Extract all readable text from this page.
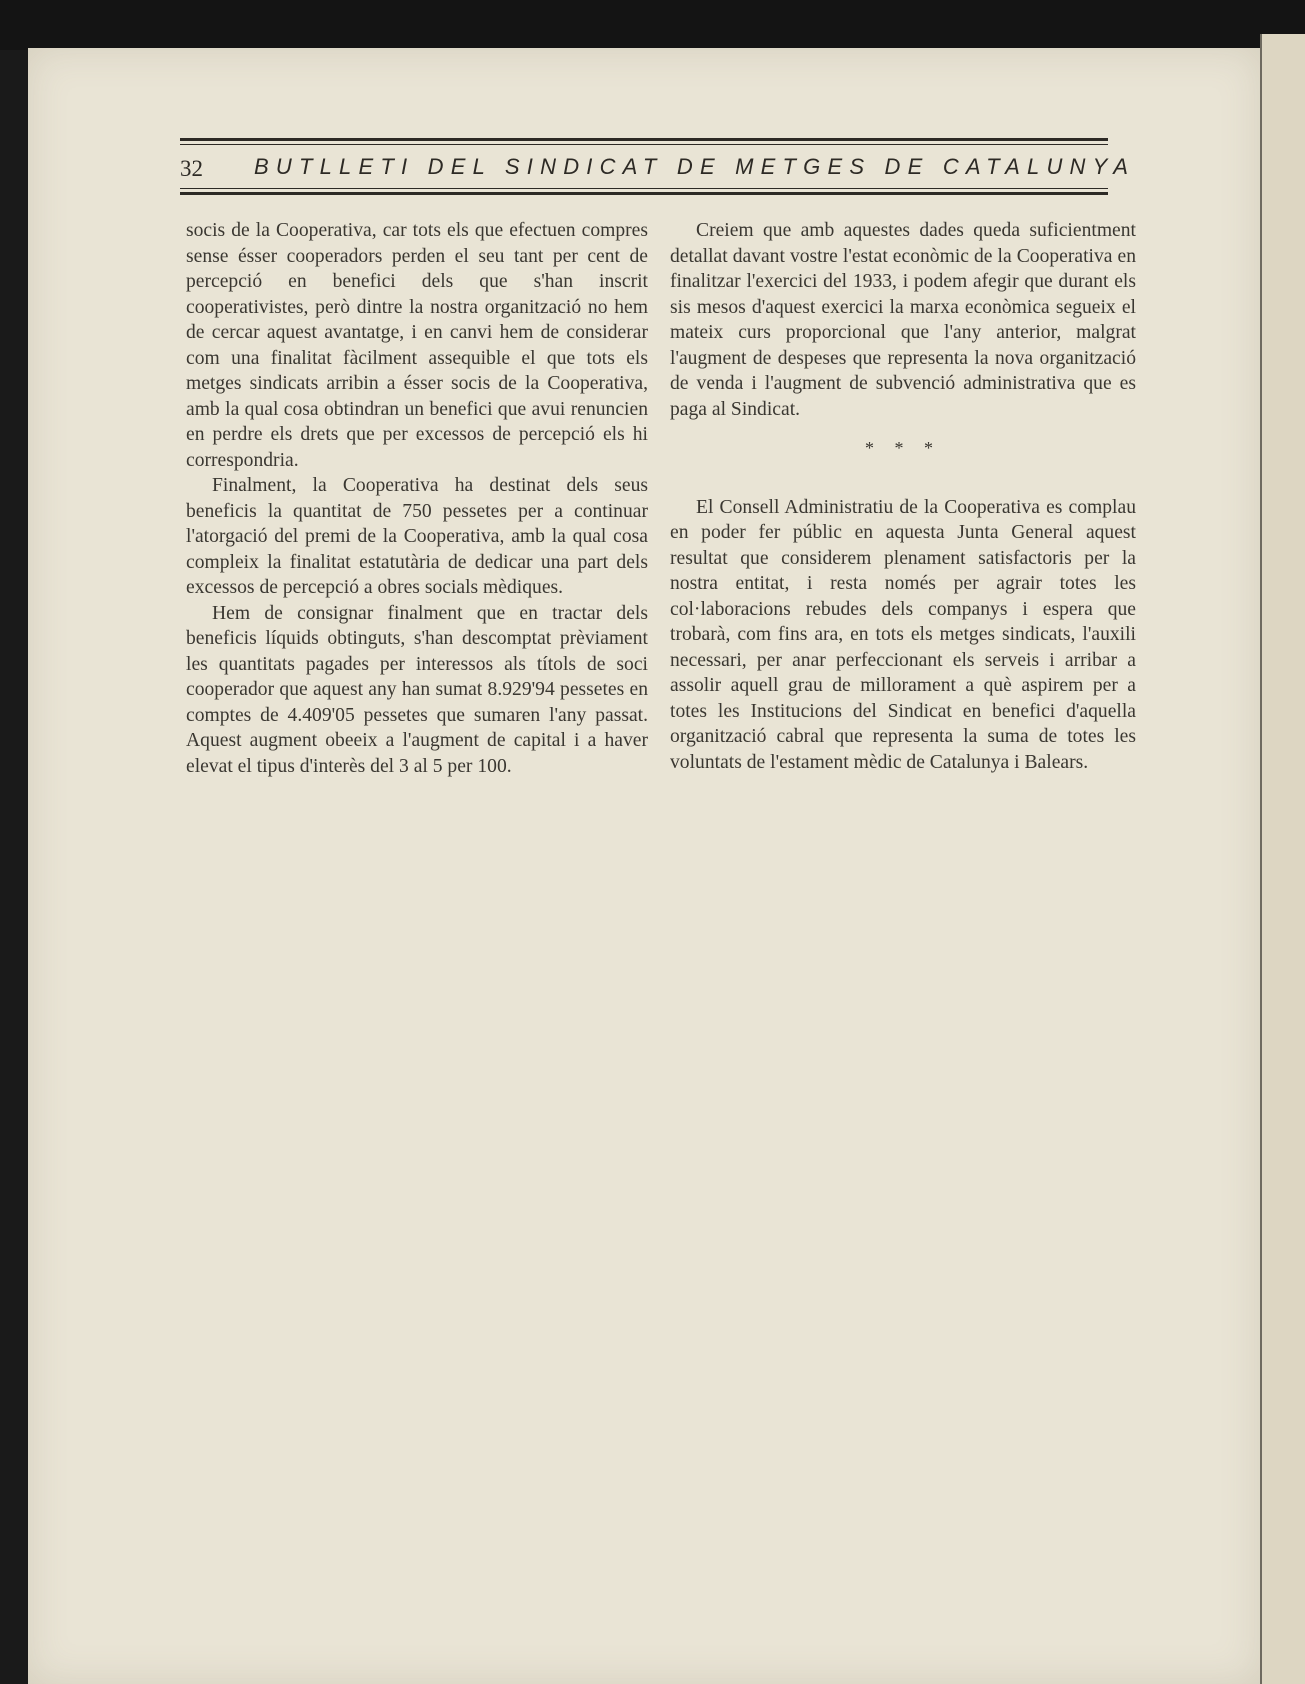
32 BUTLLETI DEL SINDICAT DE METGES DE CATALUNYA

socis de la Cooperativa, car tots els que efectuen compres sense ésser cooperadors perden el seu tant per cent de percepció en benefici dels que s'han inscrit cooperativistes, però dintre la nostra organització no hem de cercar aquest avantatge, i en canvi hem de considerar com una finalitat fàcilment assequible el que tots els metges sindicats arribin a ésser socis de la Cooperativa, amb la qual cosa obtindran un benefici que avui renuncien en perdre els drets que per excessos de percepció els hi correspondria.

Finalment, la Cooperativa ha destinat dels seus beneficis la quantitat de 750 pessetes per a continuar l'atorgació del premi de la Cooperativa, amb la qual cosa compleix la finalitat estatutària de dedicar una part dels excessos de percepció a obres socials mèdiques.

Hem de consignar finalment que en tractar dels beneficis líquids obtinguts, s'han descomptat prèviament les quantitats pagades per interessos als títols de soci cooperador que aquest any han sumat 8.929'94 pessetes en comptes de 4.409'05 pessetes que sumaren l'any passat. Aquest augment obeeix a l'augment de capital i a haver elevat el tipus d'interès del 3 al 5 per 100.

Creiem que amb aquestes dades queda suficientment detallat davant vostre l'estat econòmic de la Cooperativa en finalitzar l'exercici del 1933, i podem afegir que durant els sis mesos d'aquest exercici la marxa econòmica segueix el mateix curs proporcional que l'any anterior, malgrat l'augment de despeses que representa la nova organització de venda i l'augment de subvenció administrativa que es paga al Sindicat.

* * *

El Consell Administratiu de la Cooperativa es complau en poder fer públic en aquesta Junta General aquest resultat que considerem plenament satisfactoris per la nostra entitat, i resta només per agrair totes les col·laboracions rebudes dels companys i espera que trobarà, com fins ara, en tots els metges sindicats, l'auxili necessari, per anar perfeccionant els serveis i arribar a assolir aquell grau de millorament a què aspirem per a totes les Institucions del Sindicat en benefici d'aquella organització cabral que representa la suma de totes les voluntats de l'estament mèdic de Catalunya i Balears.
